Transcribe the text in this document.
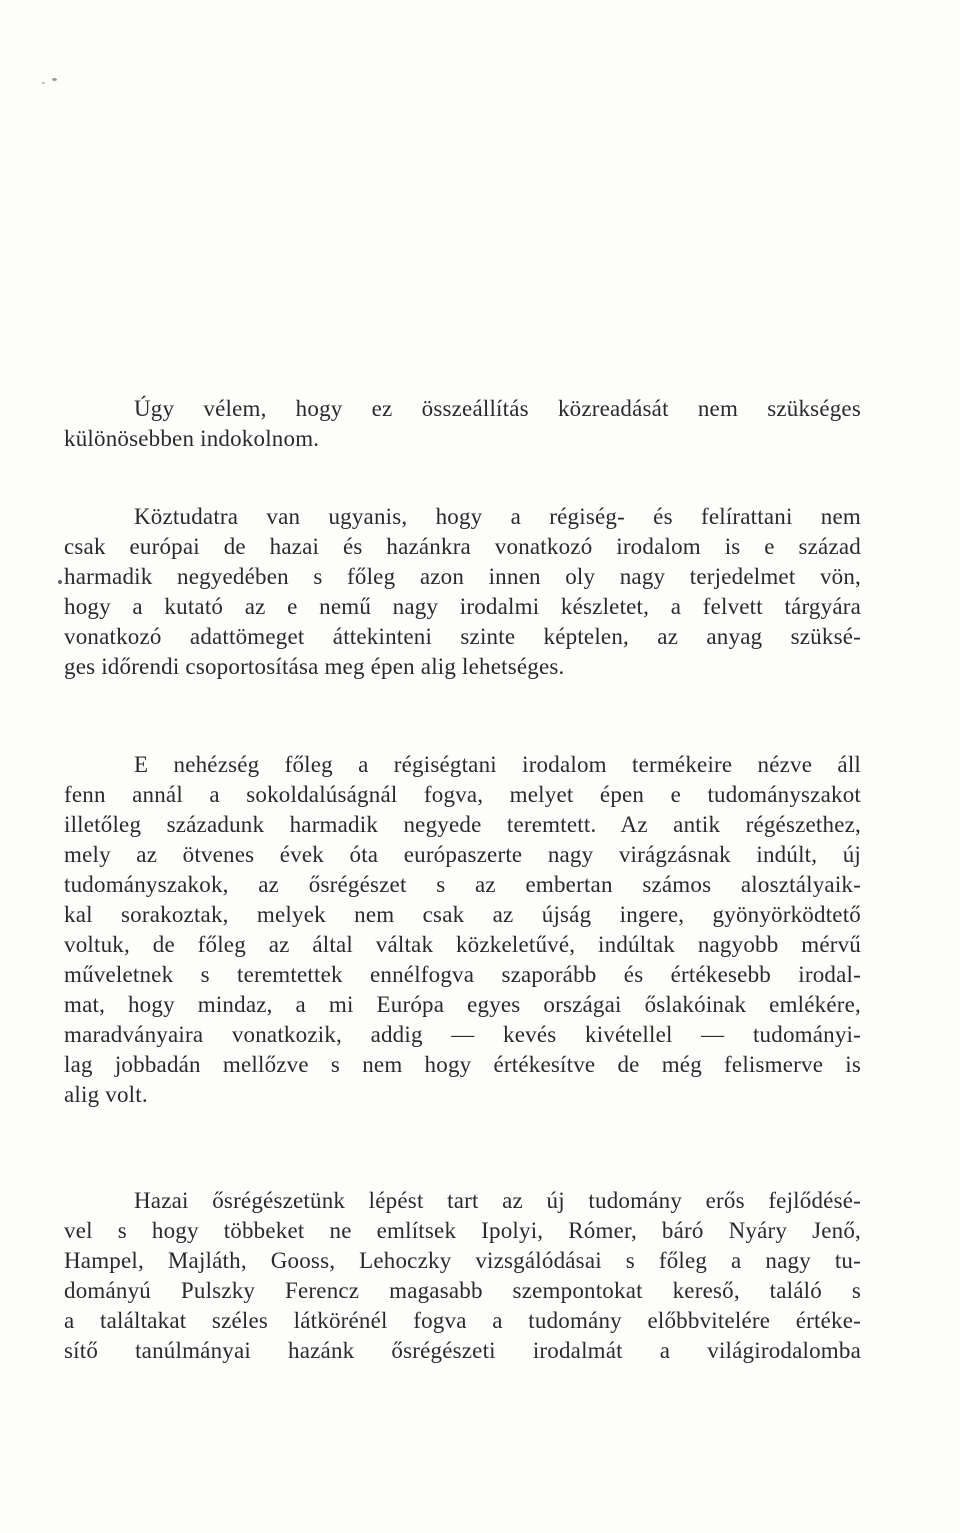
Úgy vélem, hogy ez összeállítás közreadását nem szükséges
különösebben indokolnom.
Köztudatra van ugyanis, hogy a régiség- és felírattani nem
csak európai de hazai és hazánkra vonatkozó irodalom is e század
harmadik negyedében s főleg azon innen oly nagy terjedelmet vön,
hogy a kutató az e nemű nagy irodalmi készletet, a felvett tárgyára
vonatkozó adattömeget áttekinteni szinte képtelen, az anyag szüksé-
ges időrendi csoportosítása meg épen alig lehetséges.
E nehézség főleg a régiségtani irodalom termékeire nézve áll
fenn annál a sokoldalúságnál fogva, melyet épen e tudományszakot
illetőleg századunk harmadik negyede teremtett. Az antik régészethez,
mely az ötvenes évek óta európaszerte nagy virágzásnak indúlt, új
tudományszakok, az ősrégészet s az embertan számos alosztályaik-
kal sorakoztak, melyek nem csak az újság ingere, gyönyörködtető
voltuk, de főleg az által váltak közkeletűvé, indúltak nagyobb mérvű
műveletnek s teremtettek ennélfogva szaporább és értékesebb irodal-
mat, hogy mindaz, a mi Európa egyes országai őslakóinak emlékére,
maradványaira vonatkozik, addig — kevés kivétellel — tudományi-
lag jobbadán mellőzve s nem hogy értékesítve de még felismerve is
alig volt.
Hazai ősrégészetünk lépést tart az új tudomány erős fejlődésé-
vel s hogy többeket ne említsek Ipolyi, Rómer, báró Nyáry Jenő,
Hampel, Majláth, Gooss, Lehoczky vizsgálódásai s főleg a nagy tu-
dományú Pulszky Ferencz magasabb szempontokat kereső, találó s
a találtakat széles látkörénél fogva a tudomány előbbvitelére értéke-
sítő tanúlmányai hazánk ősrégészeti irodalmát a világirodalomba
